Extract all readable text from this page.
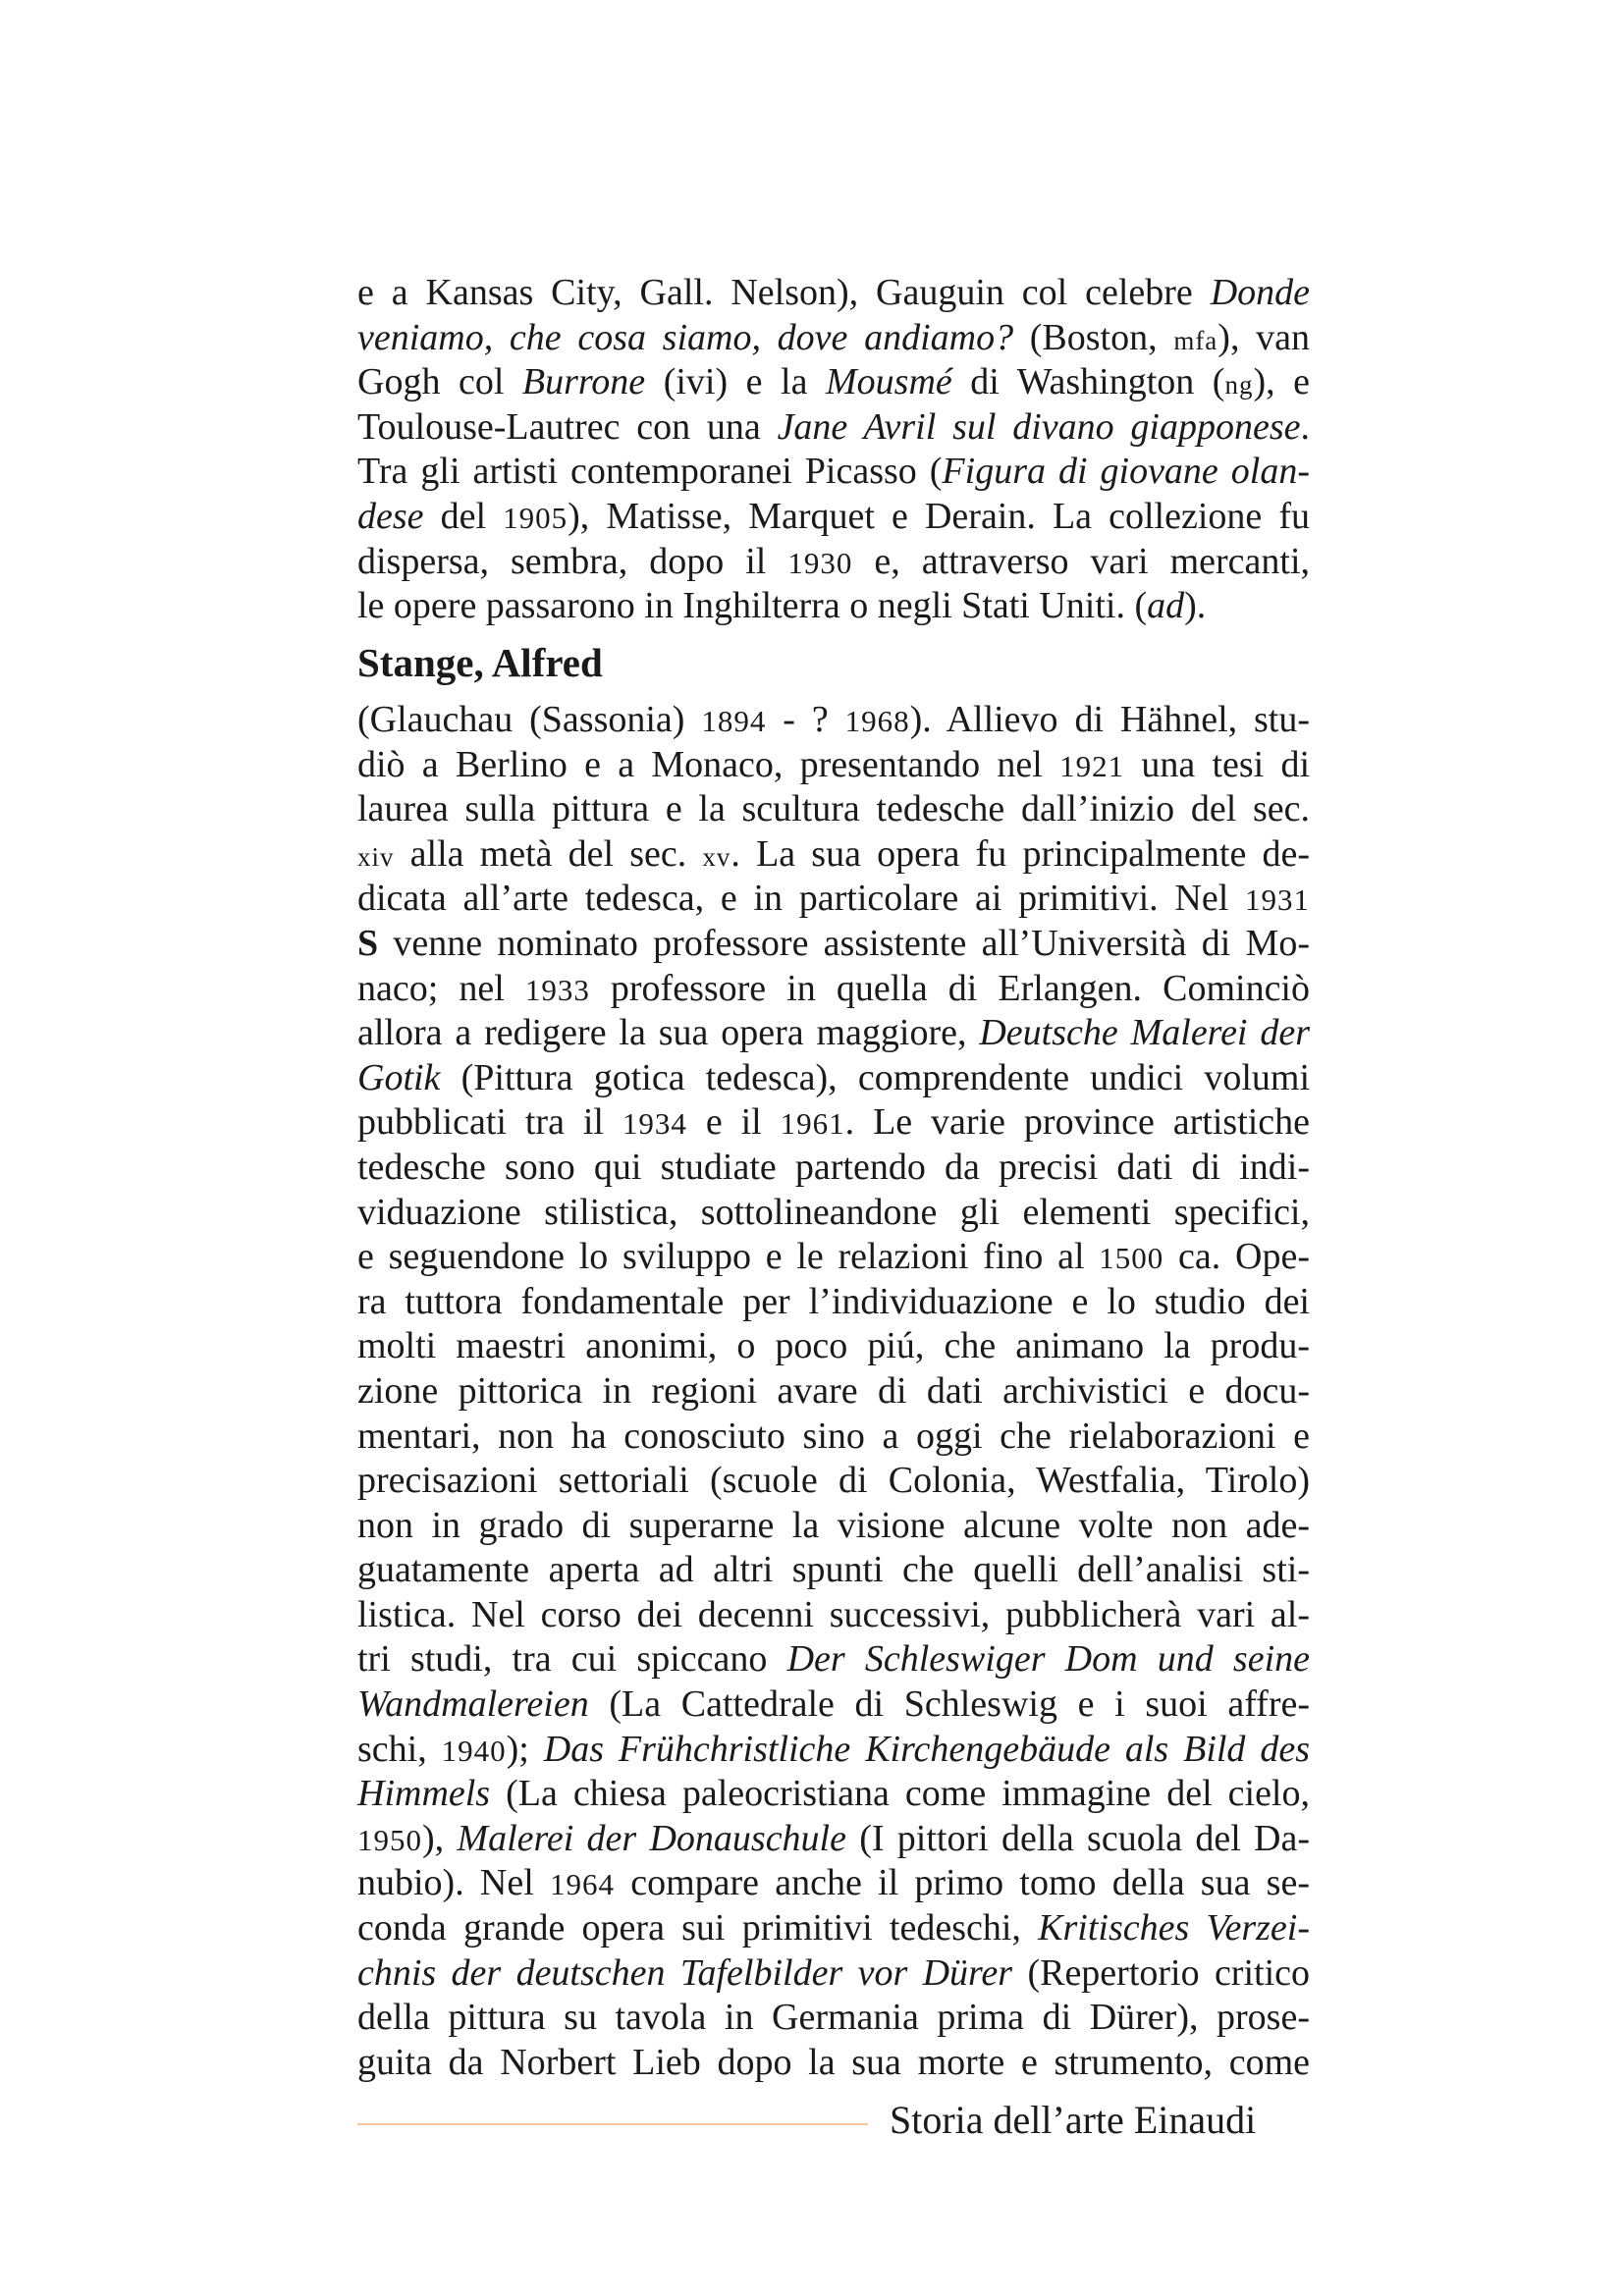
e a Kansas City, Gall. Nelson), Gauguin col celebre Donde
veniamo, che cosa siamo, dove andiamo? (Boston, mfa), van
Gogh col Burrone (ivi) e la Mousmé di Washington (ng), e
Toulouse-Lautrec con una Jane Avril sul divano giapponese.
Tra gli artisti contemporanei Picasso (Figura di giovane olan-
dese del 1905), Matisse, Marquet e Derain. La collezione fu
dispersa, sembra, dopo il 1930 e, attraverso vari mercanti,
le opere passarono in Inghilterra o negli Stati Uniti. (ad).
Stange, Alfred
(Glauchau (Sassonia) 1894 - ? 1968). Allievo di Hähnel, stu-
diò a Berlino e a Monaco, presentando nel 1921 una tesi di
laurea sulla pittura e la scultura tedesche dall’inizio del sec.
xiv alla metà del sec. xv. La sua opera fu principalmente de-
dicata all’arte tedesca, e in particolare ai primitivi. Nel 1931
S venne nominato professore assistente all’Università di Mo-
naco; nel 1933 professore in quella di Erlangen. Cominciò
allora a redigere la sua opera maggiore, Deutsche Malerei der
Gotik (Pittura gotica tedesca), comprendente undici volumi
pubblicati tra il 1934 e il 1961. Le varie province artistiche
tedesche sono qui studiate partendo da precisi dati di indi-
viduazione stilistica, sottolineandone gli elementi specifici,
e seguendone lo sviluppo e le relazioni fino al 1500 ca. Ope-
ra tuttora fondamentale per l’individuazione e lo studio dei
molti maestri anonimi, o poco piú, che animano la produ-
zione pittorica in regioni avare di dati archivistici e docu-
mentari, non ha conosciuto sino a oggi che rielaborazioni e
precisazioni settoriali (scuole di Colonia, Westfalia, Tirolo)
non in grado di superarne la visione alcune volte non ade-
guatamente aperta ad altri spunti che quelli dell’analisi sti-
listica. Nel corso dei decenni successivi, pubblicherà vari al-
tri studi, tra cui spiccano Der Schleswiger Dom und seine
Wandmalereien (La Cattedrale di Schleswig e i suoi affre-
schi, 1940); Das Frühchristliche Kirchengebäude als Bild des
Himmels (La chiesa paleocristiana come immagine del cielo,
1950), Malerei der Donauschule (I pittori della scuola del Da-
nubio). Nel 1964 compare anche il primo tomo della sua se-
conda grande opera sui primitivi tedeschi, Kritisches Verzei-
chnis der deutschen Tafelbilder vor Dürer (Repertorio critico
della pittura su tavola in Germania prima di Dürer), prose-
guita da Norbert Lieb dopo la sua morte e strumento, come
Storia dell’arte Einaudi
